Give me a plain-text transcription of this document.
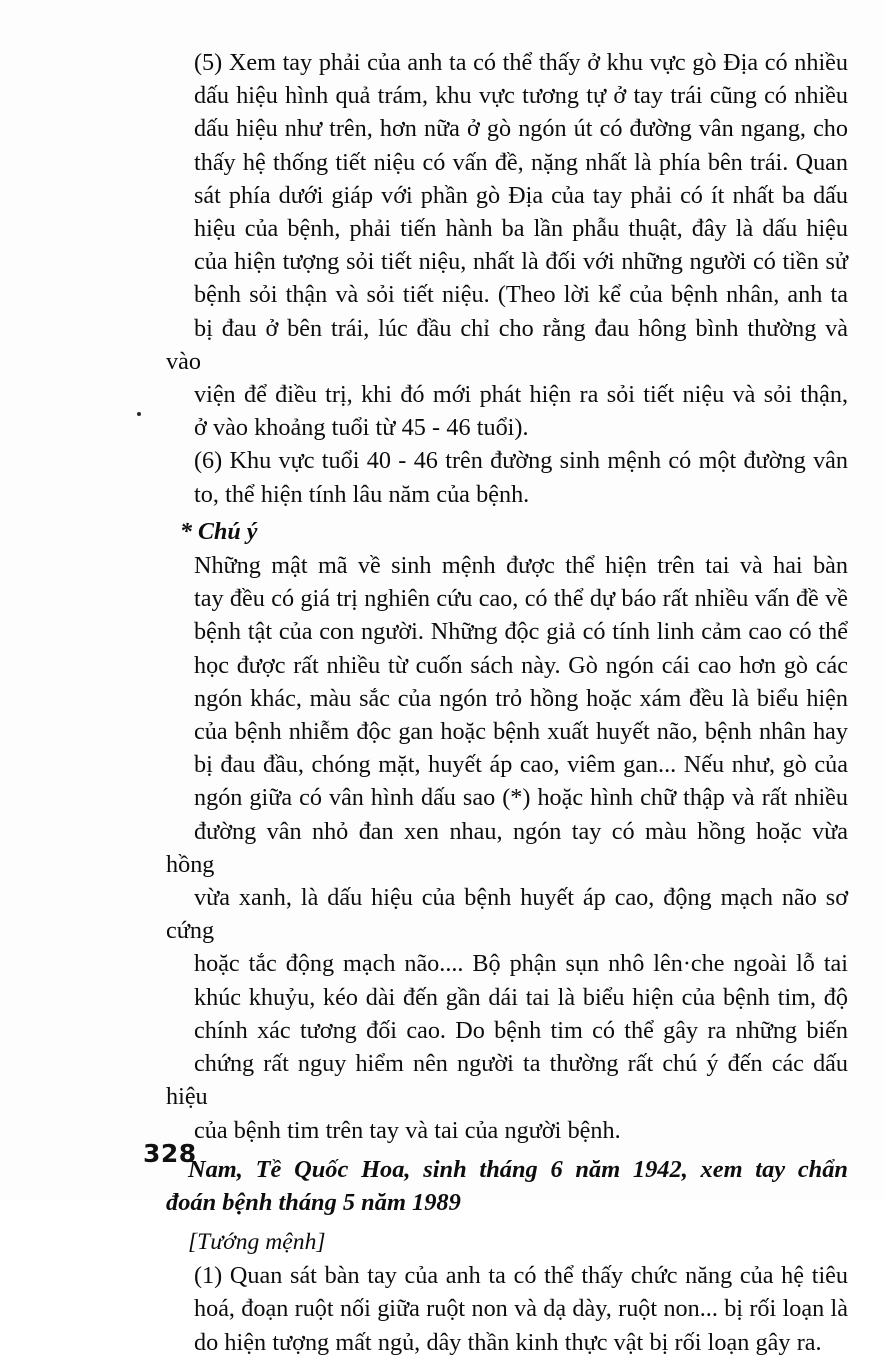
(5) Xem tay phải của anh ta có thể thấy ở khu vực gò Địa có nhiều
dấu hiệu hình quả trám, khu vực tương tự ở tay trái cũng có nhiều
dấu hiệu như trên, hơn nữa ở gò ngón út có đường vân ngang, cho
thấy hệ thống tiết niệu có vấn đề, nặng nhất là phía bên trái. Quan
sát phía dưới giáp với phần gò Địa của tay phải có ít nhất ba dấu
hiệu của bệnh, phải tiến hành ba lần phẫu thuật, đây là dấu hiệu
của hiện tượng sỏi tiết niệu, nhất là đối với những người có tiền sử
bệnh sỏi thận và sỏi tiết niệu. (Theo lời kể của bệnh nhân, anh ta
bị đau ở bên trái, lúc đầu chỉ cho rằng đau hông bình thường và vào
viện để điều trị, khi đó mới phát hiện ra sỏi tiết niệu và sỏi thận,
ở vào khoảng tuổi từ 45 - 46 tuổi).

(6) Khu vực tuổi 40 - 46 trên đường sinh mệnh có một đường vân
to, thể hiện tính lâu năm của bệnh.

* Chú ý

Những mật mã về sinh mệnh được thể hiện trên tai và hai bàn
tay đều có giá trị nghiên cứu cao, có thể dự báo rất nhiều vấn đề về
bệnh tật của con người. Những độc giả có tính linh cảm cao có thể
học được rất nhiều từ cuốn sách này. Gò ngón cái cao hơn gò các
ngón khác, màu sắc của ngón trỏ hồng hoặc xám đều là biểu hiện
của bệnh nhiễm độc gan hoặc bệnh xuất huyết não, bệnh nhân hay
bị đau đầu, chóng mặt, huyết áp cao, viêm gan... Nếu như, gò của
ngón giữa có vân hình dấu sao (*) hoặc hình chữ thập và rất nhiều
đường vân nhỏ đan xen nhau, ngón tay có màu hồng hoặc vừa hồng
vừa xanh, là dấu hiệu của bệnh huyết áp cao, động mạch não sơ cứng
hoặc tắc động mạch não.... Bộ phận sụn nhô lên·che ngoài lỗ tai
khúc khuỷu, kéo dài đến gần dái tai là biểu hiện của bệnh tim, độ
chính xác tương đối cao. Do bệnh tim có thể gây ra những biến
chứng rất nguy hiểm nên người ta thường rất chú ý đến các dấu hiệu
của bệnh tim trên tay và tai của người bệnh.

Nam, Tề Quốc Hoa, sinh tháng 6 năm 1942, xem tay chẩn
đoán bệnh tháng 5 năm 1989

[Tướng mệnh]

(1) Quan sát bàn tay của anh ta có thể thấy chức năng của hệ tiêu
hoá, đoạn ruột nối giữa ruột non và dạ dày, ruột non... bị rối loạn là
do hiện tượng mất ngủ, dây thần kinh thực vật bị rối loạn gây ra.

328
